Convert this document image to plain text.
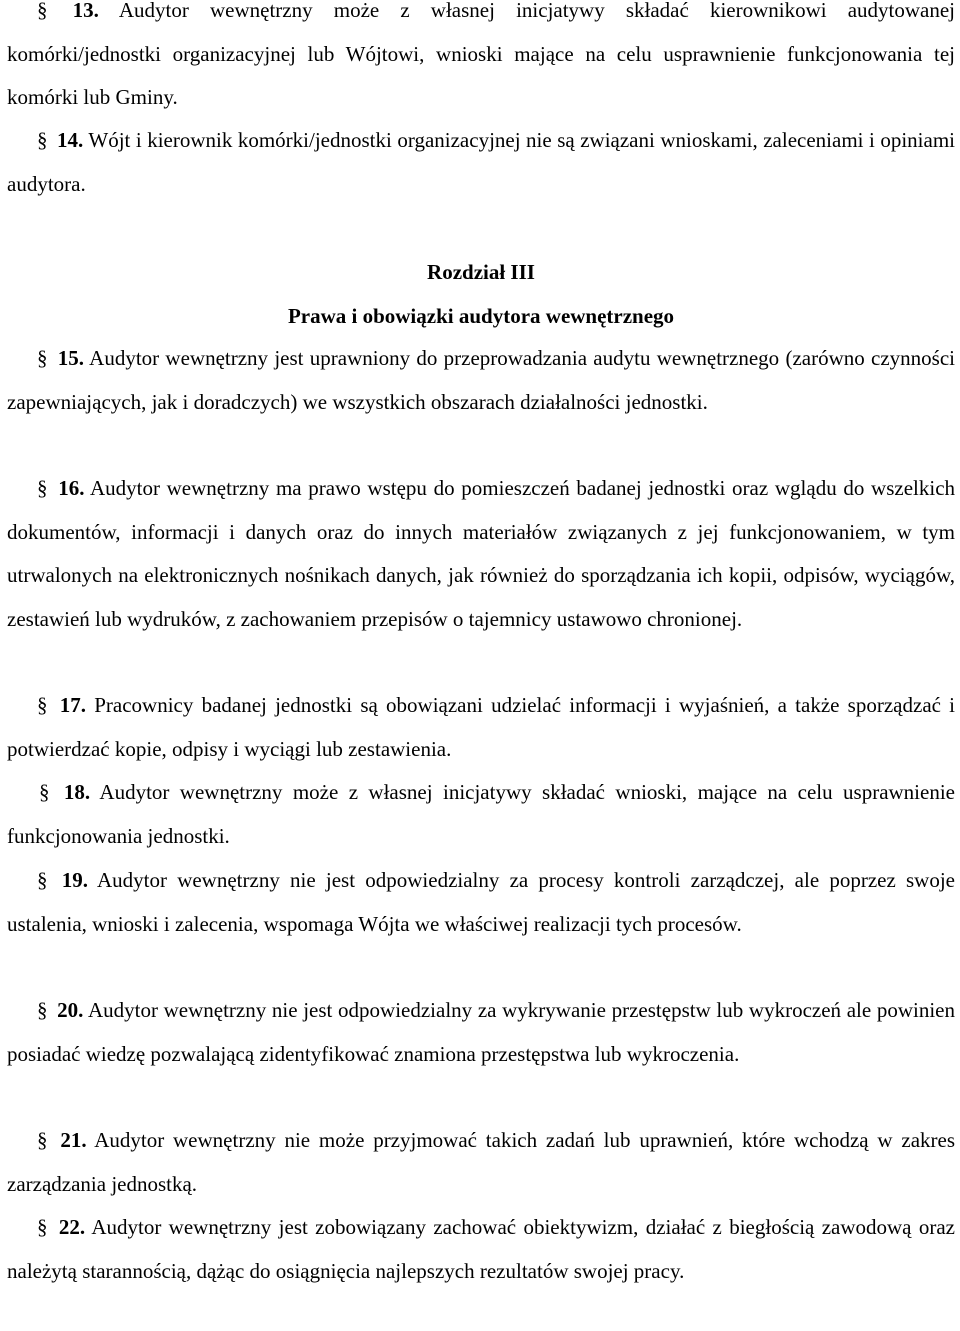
§ 13. Audytor wewnętrzny może z własnej inicjatywy składać kierownikowi audytowanej komórki/jednostki organizacyjnej lub Wójtowi, wnioski mające na celu usprawnienie funkcjonowania tej komórki lub Gminy.

§ 14. Wójt i kierownik komórki/jednostki organizacyjnej nie są związani wnioskami, zaleceniami i opiniami audytora.

Rozdział III
Prawa i obowiązki audytora wewnętrznego

§ 15. Audytor wewnętrzny jest uprawniony do przeprowadzania audytu wewnętrznego (zarówno czynności zapewniających, jak i doradczych) we wszystkich obszarach działalności jednostki.

§ 16. Audytor wewnętrzny ma prawo wstępu do pomieszczeń badanej jednostki oraz wglądu do wszelkich dokumentów, informacji i danych oraz do innych materiałów związanych z jej funkcjonowaniem, w tym utrwalonych na elektronicznych nośnikach danych, jak również do sporządzania ich kopii, odpisów, wyciągów, zestawień lub wydruków, z zachowaniem przepisów o tajemnicy ustawowo chronionej.

§ 17. Pracownicy badanej jednostki są obowiązani udzielać informacji i wyjaśnień, a także sporządzać i potwierdzać kopie, odpisy i wyciągi lub zestawienia.

§ 18. Audytor wewnętrzny może z własnej inicjatywy składać wnioski, mające na celu usprawnienie funkcjonowania jednostki.

§ 19. Audytor wewnętrzny nie jest odpowiedzialny za procesy kontroli zarządczej, ale poprzez swoje ustalenia, wnioski i zalecenia, wspomaga Wójta we właściwej realizacji tych procesów.

§ 20. Audytor wewnętrzny nie jest odpowiedzialny za wykrywanie przestępstw lub wykroczeń ale powinien posiadać wiedzę pozwalającą zidentyfikować znamiona przestępstwa lub wykroczenia.

§ 21. Audytor wewnętrzny nie może przyjmować takich zadań lub uprawnień, które wchodzą w zakres zarządzania jednostką.

§ 22. Audytor wewnętrzny jest zobowiązany zachować obiektywizm, działać z biegłością zawodową oraz należytą starannością, dążąc do osiągnięcia najlepszych rezultatów swojej pracy.
